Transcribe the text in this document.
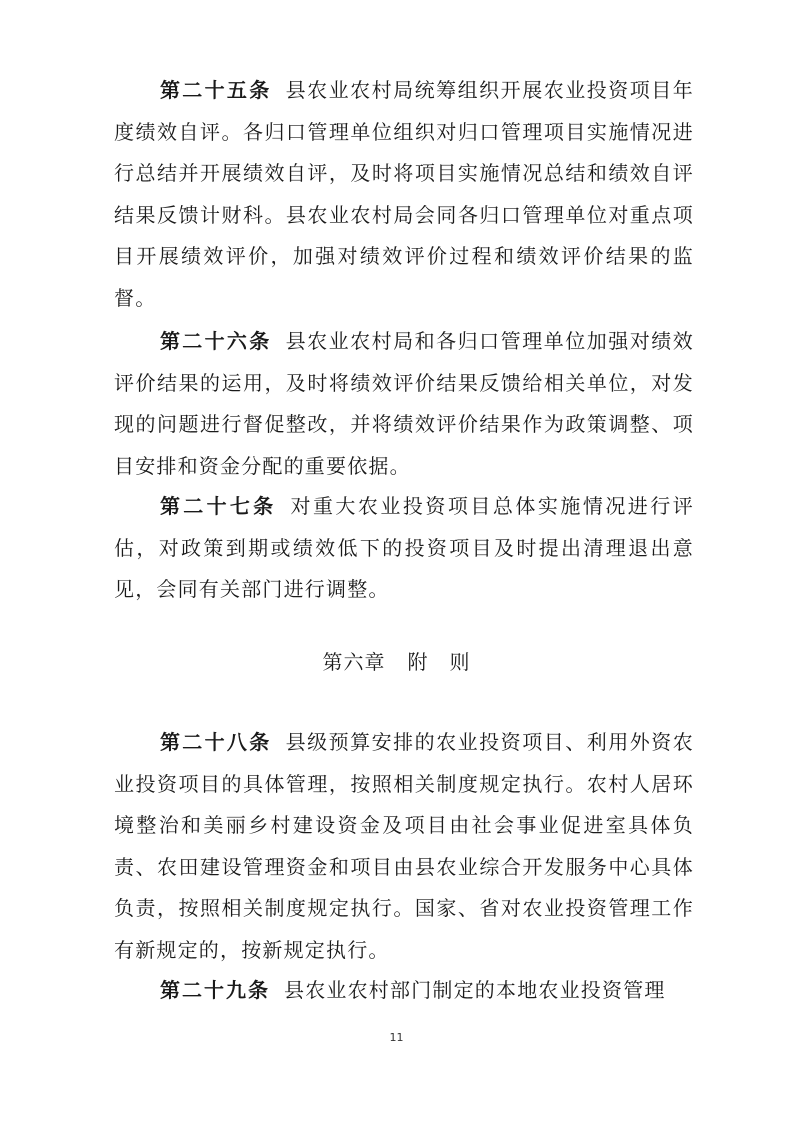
第二十五条 县农业农村局统筹组织开展农业投资项目年度绩效自评。各归口管理单位组织对归口管理项目实施情况进行总结并开展绩效自评，及时将项目实施情况总结和绩效自评结果反馈计财科。县农业农村局会同各归口管理单位对重点项目开展绩效评价，加强对绩效评价过程和绩效评价结果的监督。

第二十六条 县农业农村局和各归口管理单位加强对绩效评价结果的运用，及时将绩效评价结果反馈给相关单位，对发现的问题进行督促整改，并将绩效评价结果作为政策调整、项目安排和资金分配的重要依据。

第二十七条 对重大农业投资项目总体实施情况进行评估，对政策到期或绩效低下的投资项目及时提出清理退出意见，会同有关部门进行调整。

第六章 附　则

第二十八条 县级预算安排的农业投资项目、利用外资农业投资项目的具体管理，按照相关制度规定执行。农村人居环境整治和美丽乡村建设资金及项目由社会事业促进室具体负责、农田建设管理资金和项目由县农业综合开发服务中心具体负责，按照相关制度规定执行。国家、省对农业投资管理工作有新规定的，按新规定执行。

第二十九条 县农业农村部门制定的本地农业投资管理

11
